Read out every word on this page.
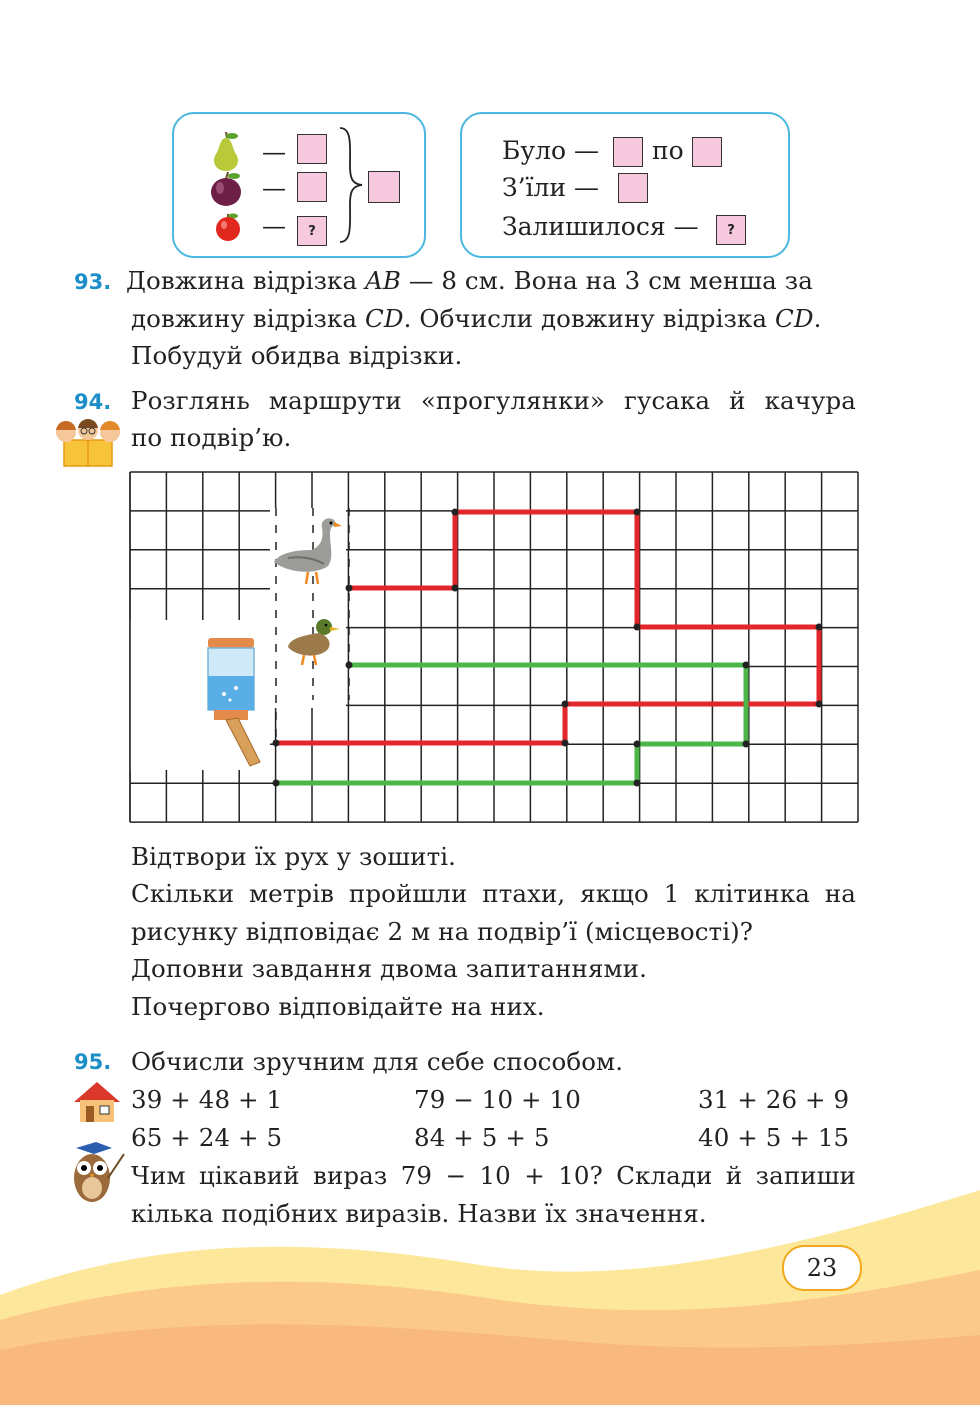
—
—
—	?
Було — по
З’їли —
Залишилося —	?
93. Довжина відрізка AB — 8 см. Вона на 3 см менша за
довжину відрізка CD. Обчисли довжину відрізка CD.
Побудуй обидва відрізки.
94. Розглянь маршрути «прогулянки» гусака й качура
по подвір’ю.
Відтвори їх рух у зошиті.
Скільки метрів пройшли птахи, якщо 1 клітинка на
рисунку відповідає 2 м на подвір’ї (місцевості)?
Доповни завдання двома запитаннями.
Почергово відповідайте на них.
95. Обчисли зручним для себе способом.
39 + 48 + 1	79 − 10 + 10	31 + 26 + 9
65 + 24 + 5	84 + 5 + 5	40 + 5 + 15
Чим цікавий вираз 79 − 10 + 10? Склади й запиши
кілька подібних виразів. Назви їх значення.
23
